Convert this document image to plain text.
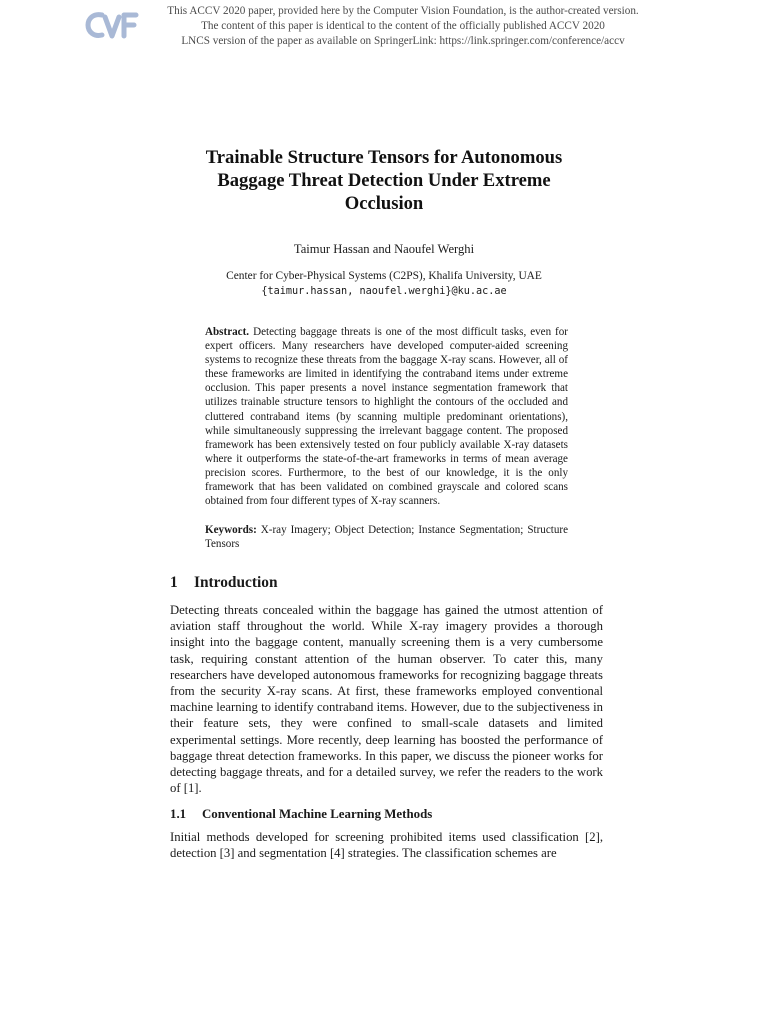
This ACCV 2020 paper, provided here by the Computer Vision Foundation, is the author-created version.
The content of this paper is identical to the content of the officially published ACCV 2020
LNCS version of the paper as available on SpringerLink: https://link.springer.com/conference/accv
Trainable Structure Tensors for Autonomous
Baggage Threat Detection Under Extreme
Occlusion
Taimur Hassan and Naoufel Werghi
Center for Cyber-Physical Systems (C2PS), Khalifa University, UAE
{taimur.hassan, naoufel.werghi}@ku.ac.ae
Abstract. Detecting baggage threats is one of the most difficult tasks, even for expert officers. Many researchers have developed computer-aided screening systems to recognize these threats from the baggage X-ray scans. However, all of these frameworks are limited in identifying the contraband items under extreme occlusion. This paper presents a novel instance segmentation framework that utilizes trainable structure tensors to highlight the contours of the occluded and cluttered contraband items (by scanning multiple predominant orientations), while simultaneously suppressing the irrelevant baggage content. The proposed framework has been extensively tested on four publicly available X-ray datasets where it outperforms the state-of-the-art frameworks in terms of mean average precision scores. Furthermore, to the best of our knowledge, it is the only framework that has been validated on combined grayscale and colored scans obtained from four different types of X-ray scanners.
Keywords: X-ray Imagery; Object Detection; Instance Segmentation; Structure Tensors
1 Introduction
Detecting threats concealed within the baggage has gained the utmost attention of aviation staff throughout the world. While X-ray imagery provides a thorough insight into the baggage content, manually screening them is a very cumbersome task, requiring constant attention of the human observer. To cater this, many researchers have developed autonomous frameworks for recognizing baggage threats from the security X-ray scans. At first, these frameworks employed conventional machine learning to identify contraband items. However, due to the subjectiveness in their feature sets, they were confined to small-scale datasets and limited experimental settings. More recently, deep learning has boosted the performance of baggage threat detection frameworks. In this paper, we discuss the pioneer works for detecting baggage threats, and for a detailed survey, we refer the readers to the work of [1].
1.1 Conventional Machine Learning Methods
Initial methods developed for screening prohibited items used classification [2], detection [3] and segmentation [4] strategies. The classification schemes are
